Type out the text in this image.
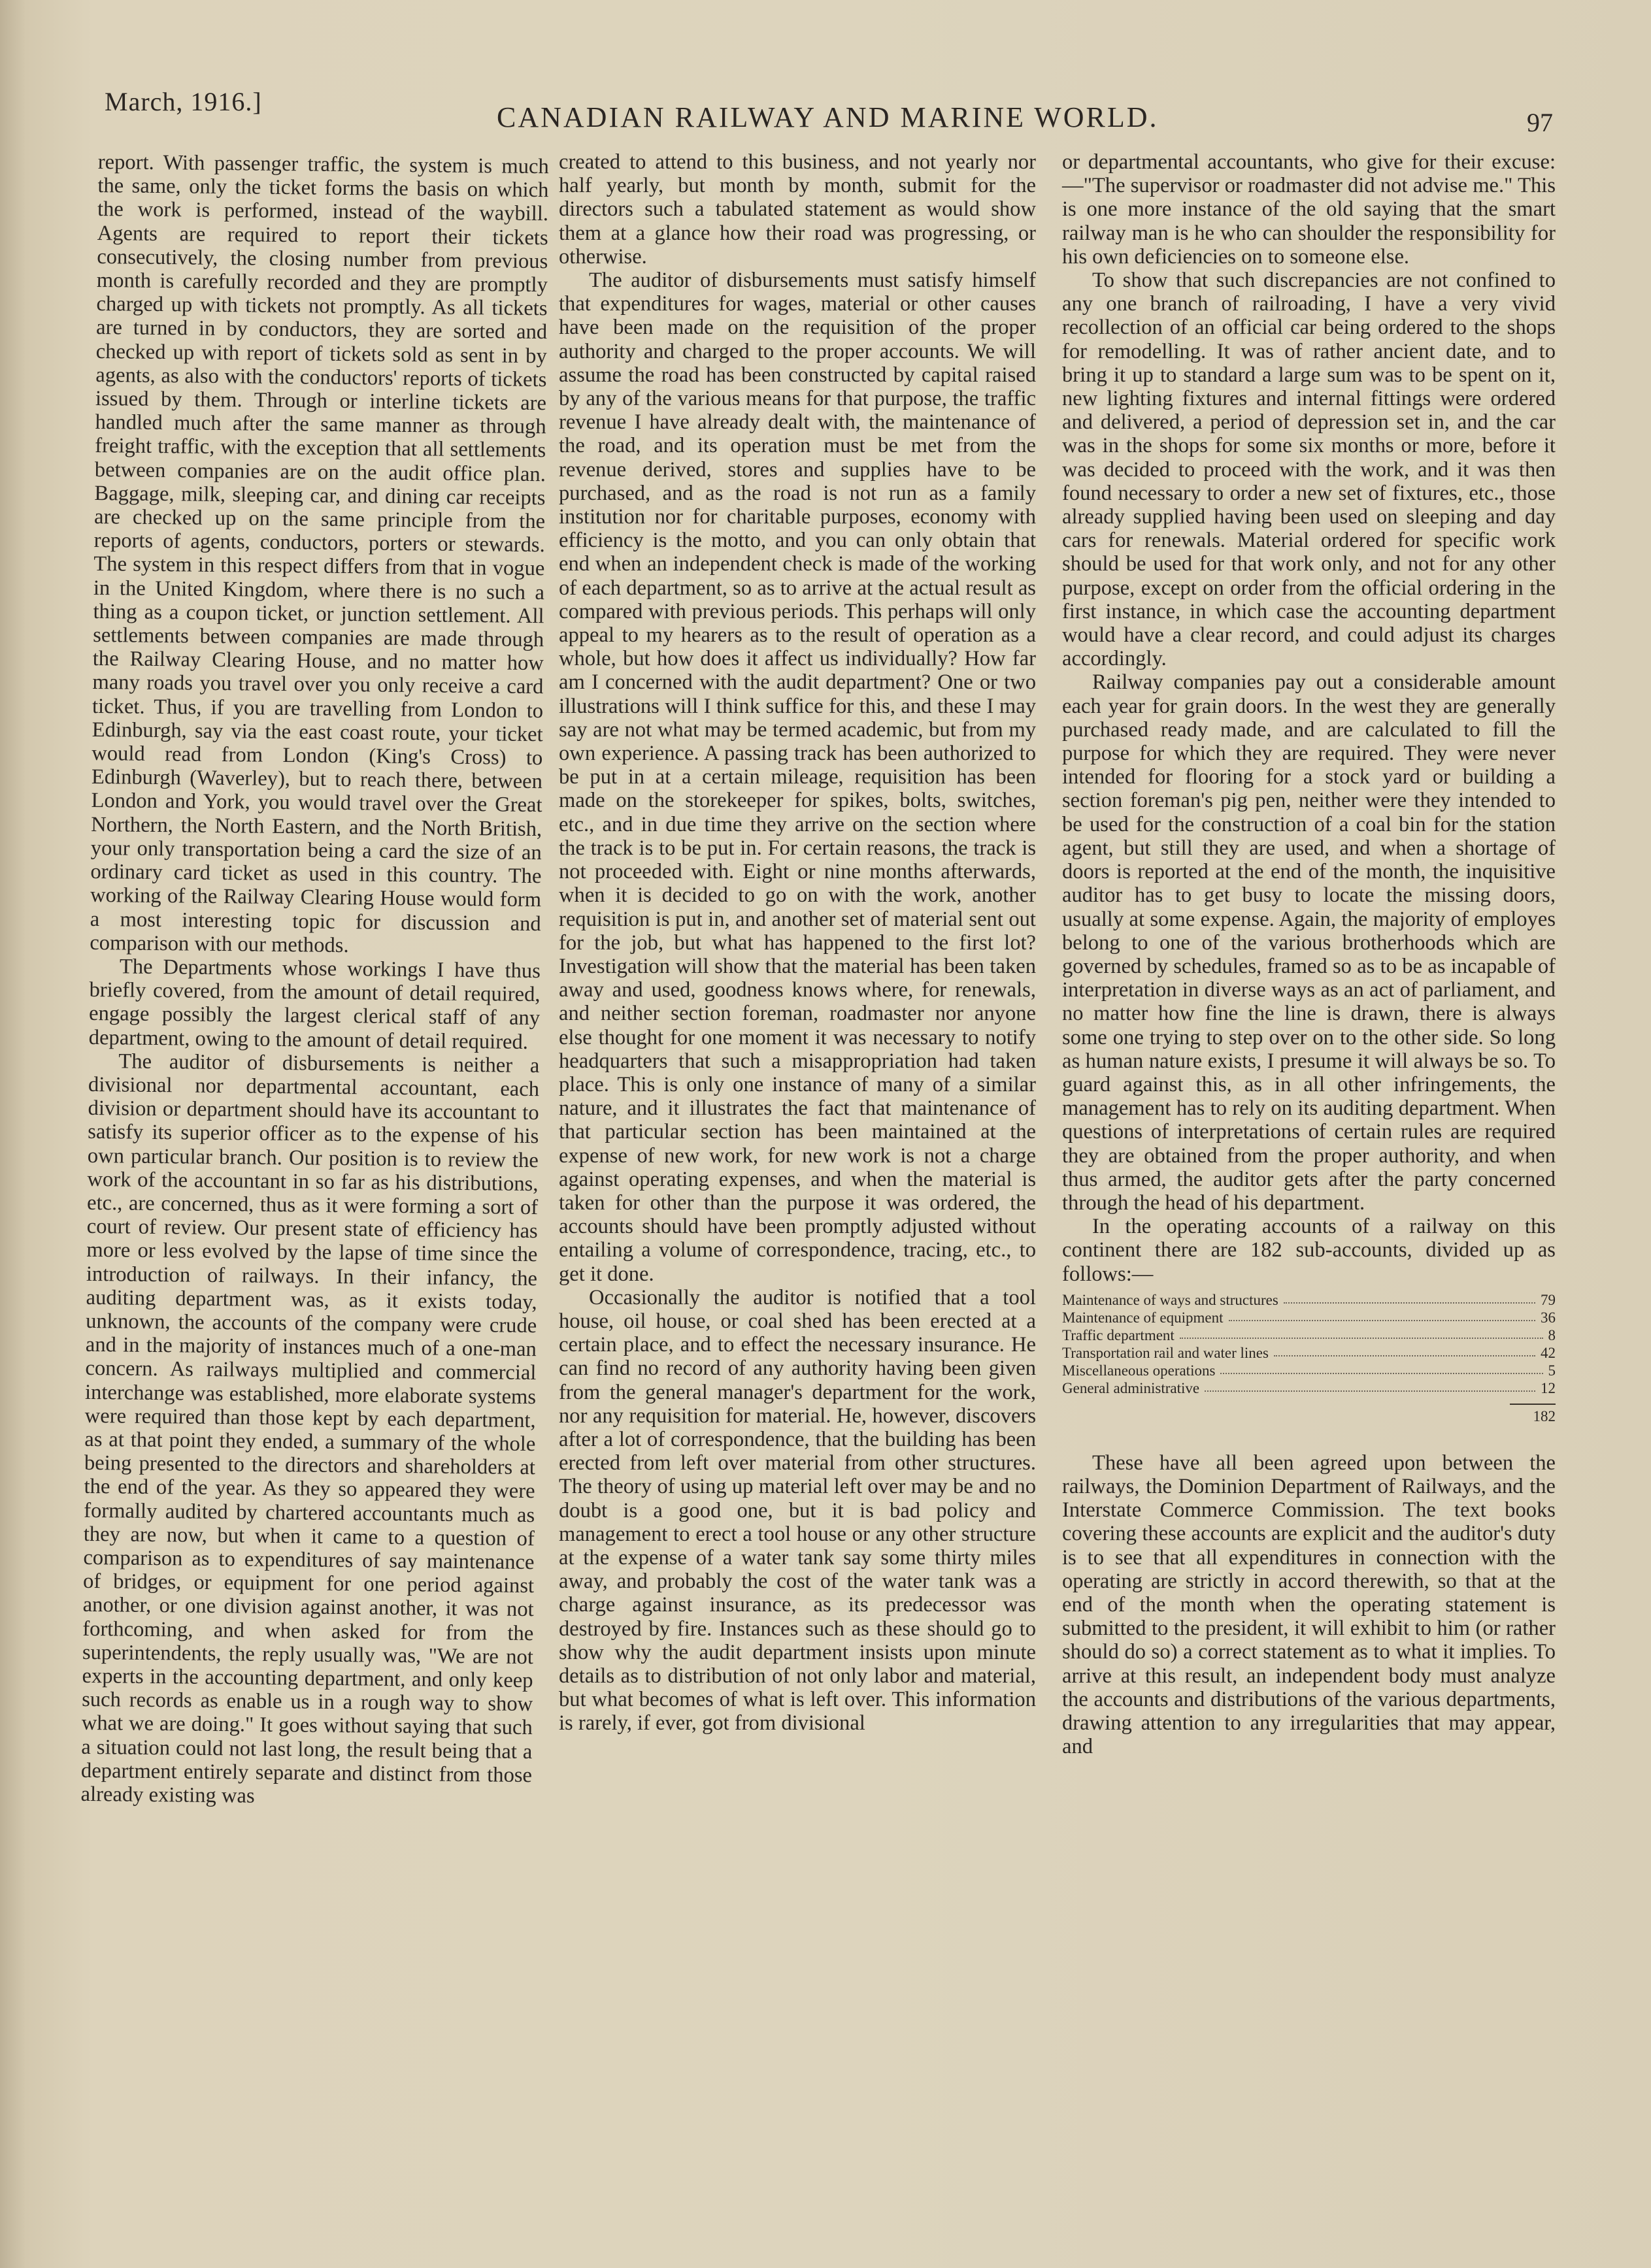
March, 1916.]	CANADIAN RAILWAY AND MARINE WORLD.	97

report. With passenger traffic, the system is much the same, only the ticket forms the basis on which the work is performed, instead of the waybill. Agents are required to report their tickets consecutively, the closing number from previous month is carefully recorded and they are promptly charged up with tickets not promptly. As all tickets are turned in by conductors, they are sorted and checked up with report of tickets sold as sent in by agents, as also with the conductors' reports of tickets issued by them. Through or interline tickets are handled much after the same manner as through freight traffic, with the exception that all settlements between companies are on the audit office plan. Baggage, milk, sleeping car, and dining car receipts are checked up on the same principle from the reports of agents, conductors, porters or stewards. The system in this respect differs from that in vogue in the United Kingdom, where there is no such a thing as a coupon ticket, or junction settlement. All settlements between companies are made through the Railway Clearing House, and no matter how many roads you travel over you only receive a card ticket. Thus, if you are travelling from London to Edinburgh, say via the east coast route, your ticket would read from London (King's Cross) to Edinburgh (Waverley), but to reach there, between London and York, you would travel over the Great Northern, the North Eastern, and the North British, your only transportation being a card the size of an ordinary card ticket as used in this country. The working of the Railway Clearing House would form a most interesting topic for discussion and comparison with our methods.

The Departments whose workings I have thus briefly covered, from the amount of detail required, engage possibly the largest clerical staff of any department, owing to the amount of detail required.

The auditor of disbursements is neither a divisional nor departmental accountant, each division or department should have its accountant to satisfy its superior officer as to the expense of his own particular branch. Our position is to review the work of the accountant in so far as his distributions, etc., are concerned, thus as it were forming a sort of court of review. Our present state of efficiency has more or less evolved by the lapse of time since the introduction of railways. In their infancy, the auditing department was, as it exists today, unknown, the accounts of the company were crude and in the majority of instances much of a one-man concern. As railways multiplied and commercial interchange was established, more elaborate systems were required than those kept by each department, as at that point they ended, a summary of the whole being presented to the directors and shareholders at the end of the year. As they so appeared they were formally audited by chartered accountants much as they are now, but when it came to a question of comparison as to expenditures of say maintenance of bridges, or equipment for one period against another, or one division against another, it was not forthcoming, and when asked for from the superintendents, the reply usually was, "We are not experts in the accounting department, and only keep such records as enable us in a rough way to show what we are doing." It goes without saying that such a situation could not last long, the result being that a department entirely separate and distinct from those already existing was

created to attend to this business, and not yearly nor half yearly, but month by month, submit for the directors such a tabulated statement as would show them at a glance how their road was progressing, or otherwise.

The auditor of disbursements must satisfy himself that expenditures for wages, material or other causes have been made on the requisition of the proper authority and charged to the proper accounts. We will assume the road has been constructed by capital raised by any of the various means for that purpose, the traffic revenue I have already dealt with, the maintenance of the road, and its operation must be met from the revenue derived, stores and supplies have to be purchased, and as the road is not run as a family institution nor for charitable purposes, economy with efficiency is the motto, and you can only obtain that end when an independent check is made of the working of each department, so as to arrive at the actual result as compared with previous periods. This perhaps will only appeal to my hearers as to the result of operation as a whole, but how does it affect us individually? How far am I concerned with the audit department? One or two illustrations will I think suffice for this, and these I may say are not what may be termed academic, but from my own experience. A passing track has been authorized to be put in at a certain mileage, requisition has been made on the storekeeper for spikes, bolts, switches, etc., and in due time they arrive on the section where the track is to be put in. For certain reasons, the track is not proceeded with. Eight or nine months afterwards, when it is decided to go on with the work, another requisition is put in, and another set of material sent out for the job, but what has happened to the first lot? Investigation will show that the material has been taken away and used, goodness knows where, for renewals, and neither section foreman, roadmaster nor anyone else thought for one moment it was necessary to notify headquarters that such a misappropriation had taken place. This is only one instance of many of a similar nature, and it illustrates the fact that maintenance of that particular section has been maintained at the expense of new work, for new work is not a charge against operating expenses, and when the material is taken for other than the purpose it was ordered, the accounts should have been promptly adjusted without entailing a volume of correspondence, tracing, etc., to get it done.

Occasionally the auditor is notified that a tool house, oil house, or coal shed has been erected at a certain place, and to effect the necessary insurance. He can find no record of any authority having been given from the general manager's department for the work, nor any requisition for material. He, however, discovers after a lot of correspondence, that the building has been erected from left over material from other structures. The theory of using up material left over may be and no doubt is a good one, but it is bad policy and management to erect a tool house or any other structure at the expense of a water tank say some thirty miles away, and probably the cost of the water tank was a charge against insurance, as its predecessor was destroyed by fire. Instances such as these should go to show why the audit department insists upon minute details as to distribution of not only labor and material, but what becomes of what is left over. This information is rarely, if ever, got from divisional

or departmental accountants, who give for their excuse:—"The supervisor or roadmaster did not advise me." This is one more instance of the old saying that the smart railway man is he who can shoulder the responsibility for his own deficiencies on to someone else.

To show that such discrepancies are not confined to any one branch of railroading, I have a very vivid recollection of an official car being ordered to the shops for remodelling. It was of rather ancient date, and to bring it up to standard a large sum was to be spent on it, new lighting fixtures and internal fittings were ordered and delivered, a period of depression set in, and the car was in the shops for some six months or more, before it was decided to proceed with the work, and it was then found necessary to order a new set of fixtures, etc., those already supplied having been used on sleeping and day cars for renewals. Material ordered for specific work should be used for that work only, and not for any other purpose, except on order from the official ordering in the first instance, in which case the accounting department would have a clear record, and could adjust its charges accordingly.

Railway companies pay out a considerable amount each year for grain doors. In the west they are generally purchased ready made, and are calculated to fill the purpose for which they are required. They were never intended for flooring for a stock yard or building a section foreman's pig pen, neither were they intended to be used for the construction of a coal bin for the station agent, but still they are used, and when a shortage of doors is reported at the end of the month, the inquisitive auditor has to get busy to locate the missing doors, usually at some expense. Again, the majority of employes belong to one of the various brotherhoods which are governed by schedules, framed so as to be as incapable of interpretation in diverse ways as an act of parliament, and no matter how fine the line is drawn, there is always some one trying to step over on to the other side. So long as human nature exists, I presume it will always be so. To guard against this, as in all other infringements, the management has to rely on its auditing department. When questions of interpretations of certain rules are required they are obtained from the proper authority, and when thus armed, the auditor gets after the party concerned through the head of his department.

In the operating accounts of a railway on this continent there are 182 sub-accounts, divided up as follows:—

Maintenance of ways and structures	79
Maintenance of equipment	36
Traffic department	8
Transportation rail and water lines	42
Miscellaneous operations	5
General administrative	12
182

These have all been agreed upon between the railways, the Dominion Department of Railways, and the Interstate Commerce Commission. The text books covering these accounts are explicit and the auditor's duty is to see that all expenditures in connection with the operating are strictly in accord therewith, so that at the end of the month when the operating statement is submitted to the president, it will exhibit to him (or rather should do so) a correct statement as to what it implies. To arrive at this result, an independent body must analyze the accounts and distributions of the various departments, drawing attention to any irregularities that may appear, and
